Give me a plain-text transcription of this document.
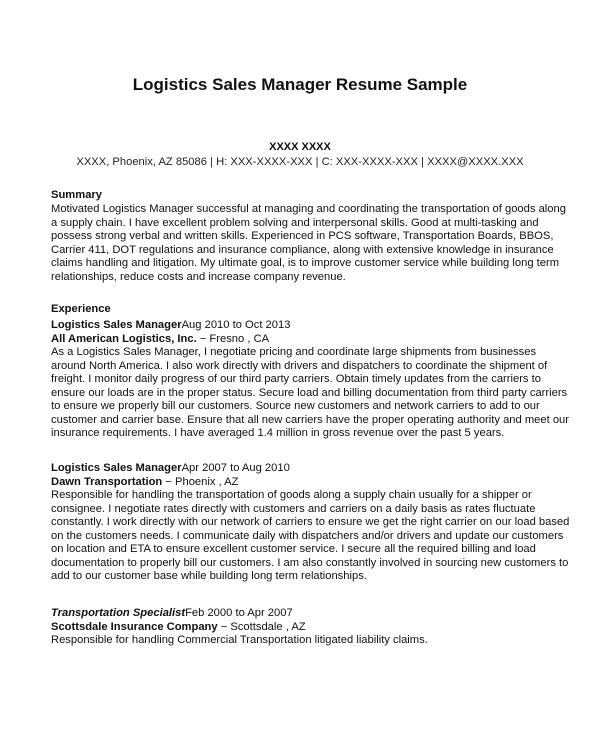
Logistics Sales Manager Resume Sample
XXXX XXXX
XXXX, Phoenix, AZ 85086 | H: XXX-XXXX-XXX | C: XXX-XXXX-XXX | XXXX@XXXX.XXX
Summary
Motivated Logistics Manager successful at managing and coordinating the transportation of goods along
a supply chain. I have excellent problem solving and interpersonal skills. Good at multi-tasking and
possess strong verbal and written skills. Experienced in PCS software, Transportation Boards, BBOS,
Carrier 411, DOT regulations and insurance compliance, along with extensive knowledge in insurance
claims handling and litigation. My ultimate goal, is to improve customer service while building long term
relationships, reduce costs and increase company revenue.
Experience
Logistics Sales ManagerAug 2010 to Oct 2013
All American Logistics, Inc. − Fresno , CA
As a Logistics Sales Manager, I negotiate pricing and coordinate large shipments from businesses
around North America. I also work directly with drivers and dispatchers to coordinate the shipment of
freight. I monitor daily progress of our third party carriers. Obtain timely updates from the carriers to
ensure our loads are in the proper status. Secure load and billing documentation from third party carriers
to ensure we properly bill our customers. Source new customers and network carriers to add to our
customer and carrier base. Ensure that all new carriers have the proper operating authority and meet our
insurance requirements. I have averaged 1.4 million in gross revenue over the past 5 years.
Logistics Sales ManagerApr 2007 to Aug 2010
Dawn Transportation − Phoenix , AZ
Responsible for handling the transportation of goods along a supply chain usually for a shipper or
consignee. I negotiate rates directly with customers and carriers on a daily basis as rates fluctuate
constantly. I work directly with our network of carriers to ensure we get the right carrier on our load based
on the customers needs. I communicate daily with dispatchers and/or drivers and update our customers
on location and ETA to ensure excellent customer service. I secure all the required billing and load
documentation to properly bill our customers. I am also constantly involved in sourcing new customers to
add to our customer base while building long term relationships.
Transportation SpecialistFeb 2000 to Apr 2007
Scottsdale Insurance Company − Scottsdale , AZ
Responsible for handling Commercial Transportation litigated liability claims.
